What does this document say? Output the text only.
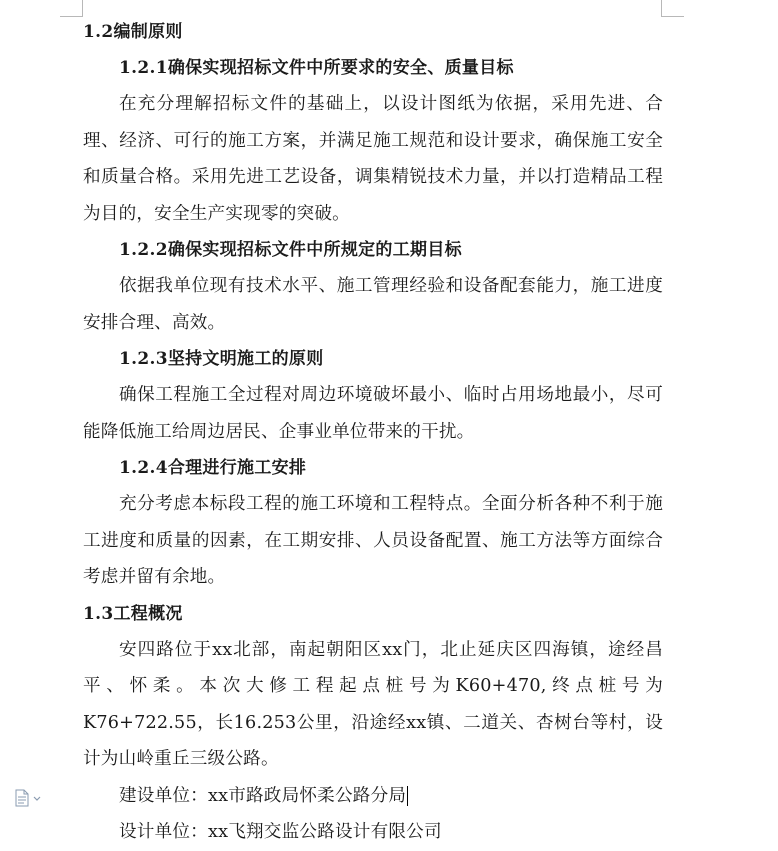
1.2编制原则
1.2.1确保实现招标文件中所要求的安全、质量目标

在充分理解招标文件的基础上，以设计图纸为依据，采用先进、合理、经济、可行的施工方案，并满足施工规范和设计要求，确保施工安全和质量合格。采用先进工艺设备，调集精锐技术力量，并以打造精品工程为目的，安全生产实现零的突破。

1.2.2确保实现招标文件中所规定的工期目标

依据我单位现有技术水平、施工管理经验和设备配套能力，施工进度安排合理、高效。

1.2.3坚持文明施工的原则

确保工程施工全过程对周边环境破坏最小、临时占用场地最小，尽可能降低施工给周边居民、企事业单位带来的干扰。

1.2.4合理进行施工安排

充分考虑本标段工程的施工环境和工程特点。全面分析各种不利于施工进度和质量的因素，在工期安排、人员设备配置、施工方法等方面综合考虑并留有余地。

1.3工程概况

安四路位于xx北部，南起朝阳区xx门，北止延庆区四海镇，途经昌平、怀柔。本次大修工程起点桩号为K60+470,终点桩号为K76+722.55，长16.253公里，沿途经xx镇、二道关、杏树台等村，设计为山岭重丘三级公路。

建设单位：xx市路政局怀柔公路分局

设计单位：xx飞翔交监公路设计有限公司
